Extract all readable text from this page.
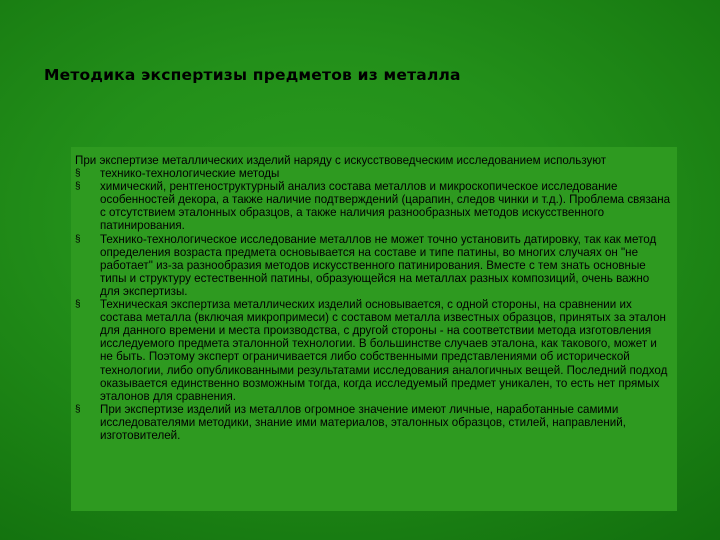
Методика экспертизы предметов из металла

При экспертизе металлических изделий наряду с искусствоведческим исследованием используют

§ технико-технологические методы
§ химический, рентгеноструктурный анализ состава металлов и микроскопическое исследование особенностей декора, а также наличие подтверждений (царапин, следов чинки и т.д.). Проблема связана с отсутствием эталонных образцов, а также наличия разнообразных методов искусственного патинирования.
§ Технико-технологическое исследование металлов не может точно установить датировку, так как метод определения возраста предмета основывается на составе и типе патины, во многих случаях он "не работает" из-за разнообразия методов искусственного патинирования. Вместе с тем знать основные типы и структуру естественной патины, образующейся на металлах разных композиций, очень важно для экспертизы.
§ Техническая экспертиза металлических изделий основывается, с одной стороны, на сравнении их состава металла (включая микропримеси) с составом металла известных образцов, принятых за эталон для данного времени и места производства, с другой стороны - на соответствии метода изготовления исследуемого предмета эталонной технологии. В большинстве случаев эталона, как такового, может и не быть. Поэтому эксперт ограничивается либо собственными представлениями об исторической технологии, либо опубликованными результатами исследования аналогичных вещей. Последний подход оказывается единственно возможным тогда, когда исследуемый предмет уникален, то есть нет прямых эталонов для сравнения.
§ При экспертизе изделий из металлов огромное значение имеют личные, наработанные самими исследователями методики, знание ими материалов, эталонных образцов, стилей, направлений, изготовителей.
